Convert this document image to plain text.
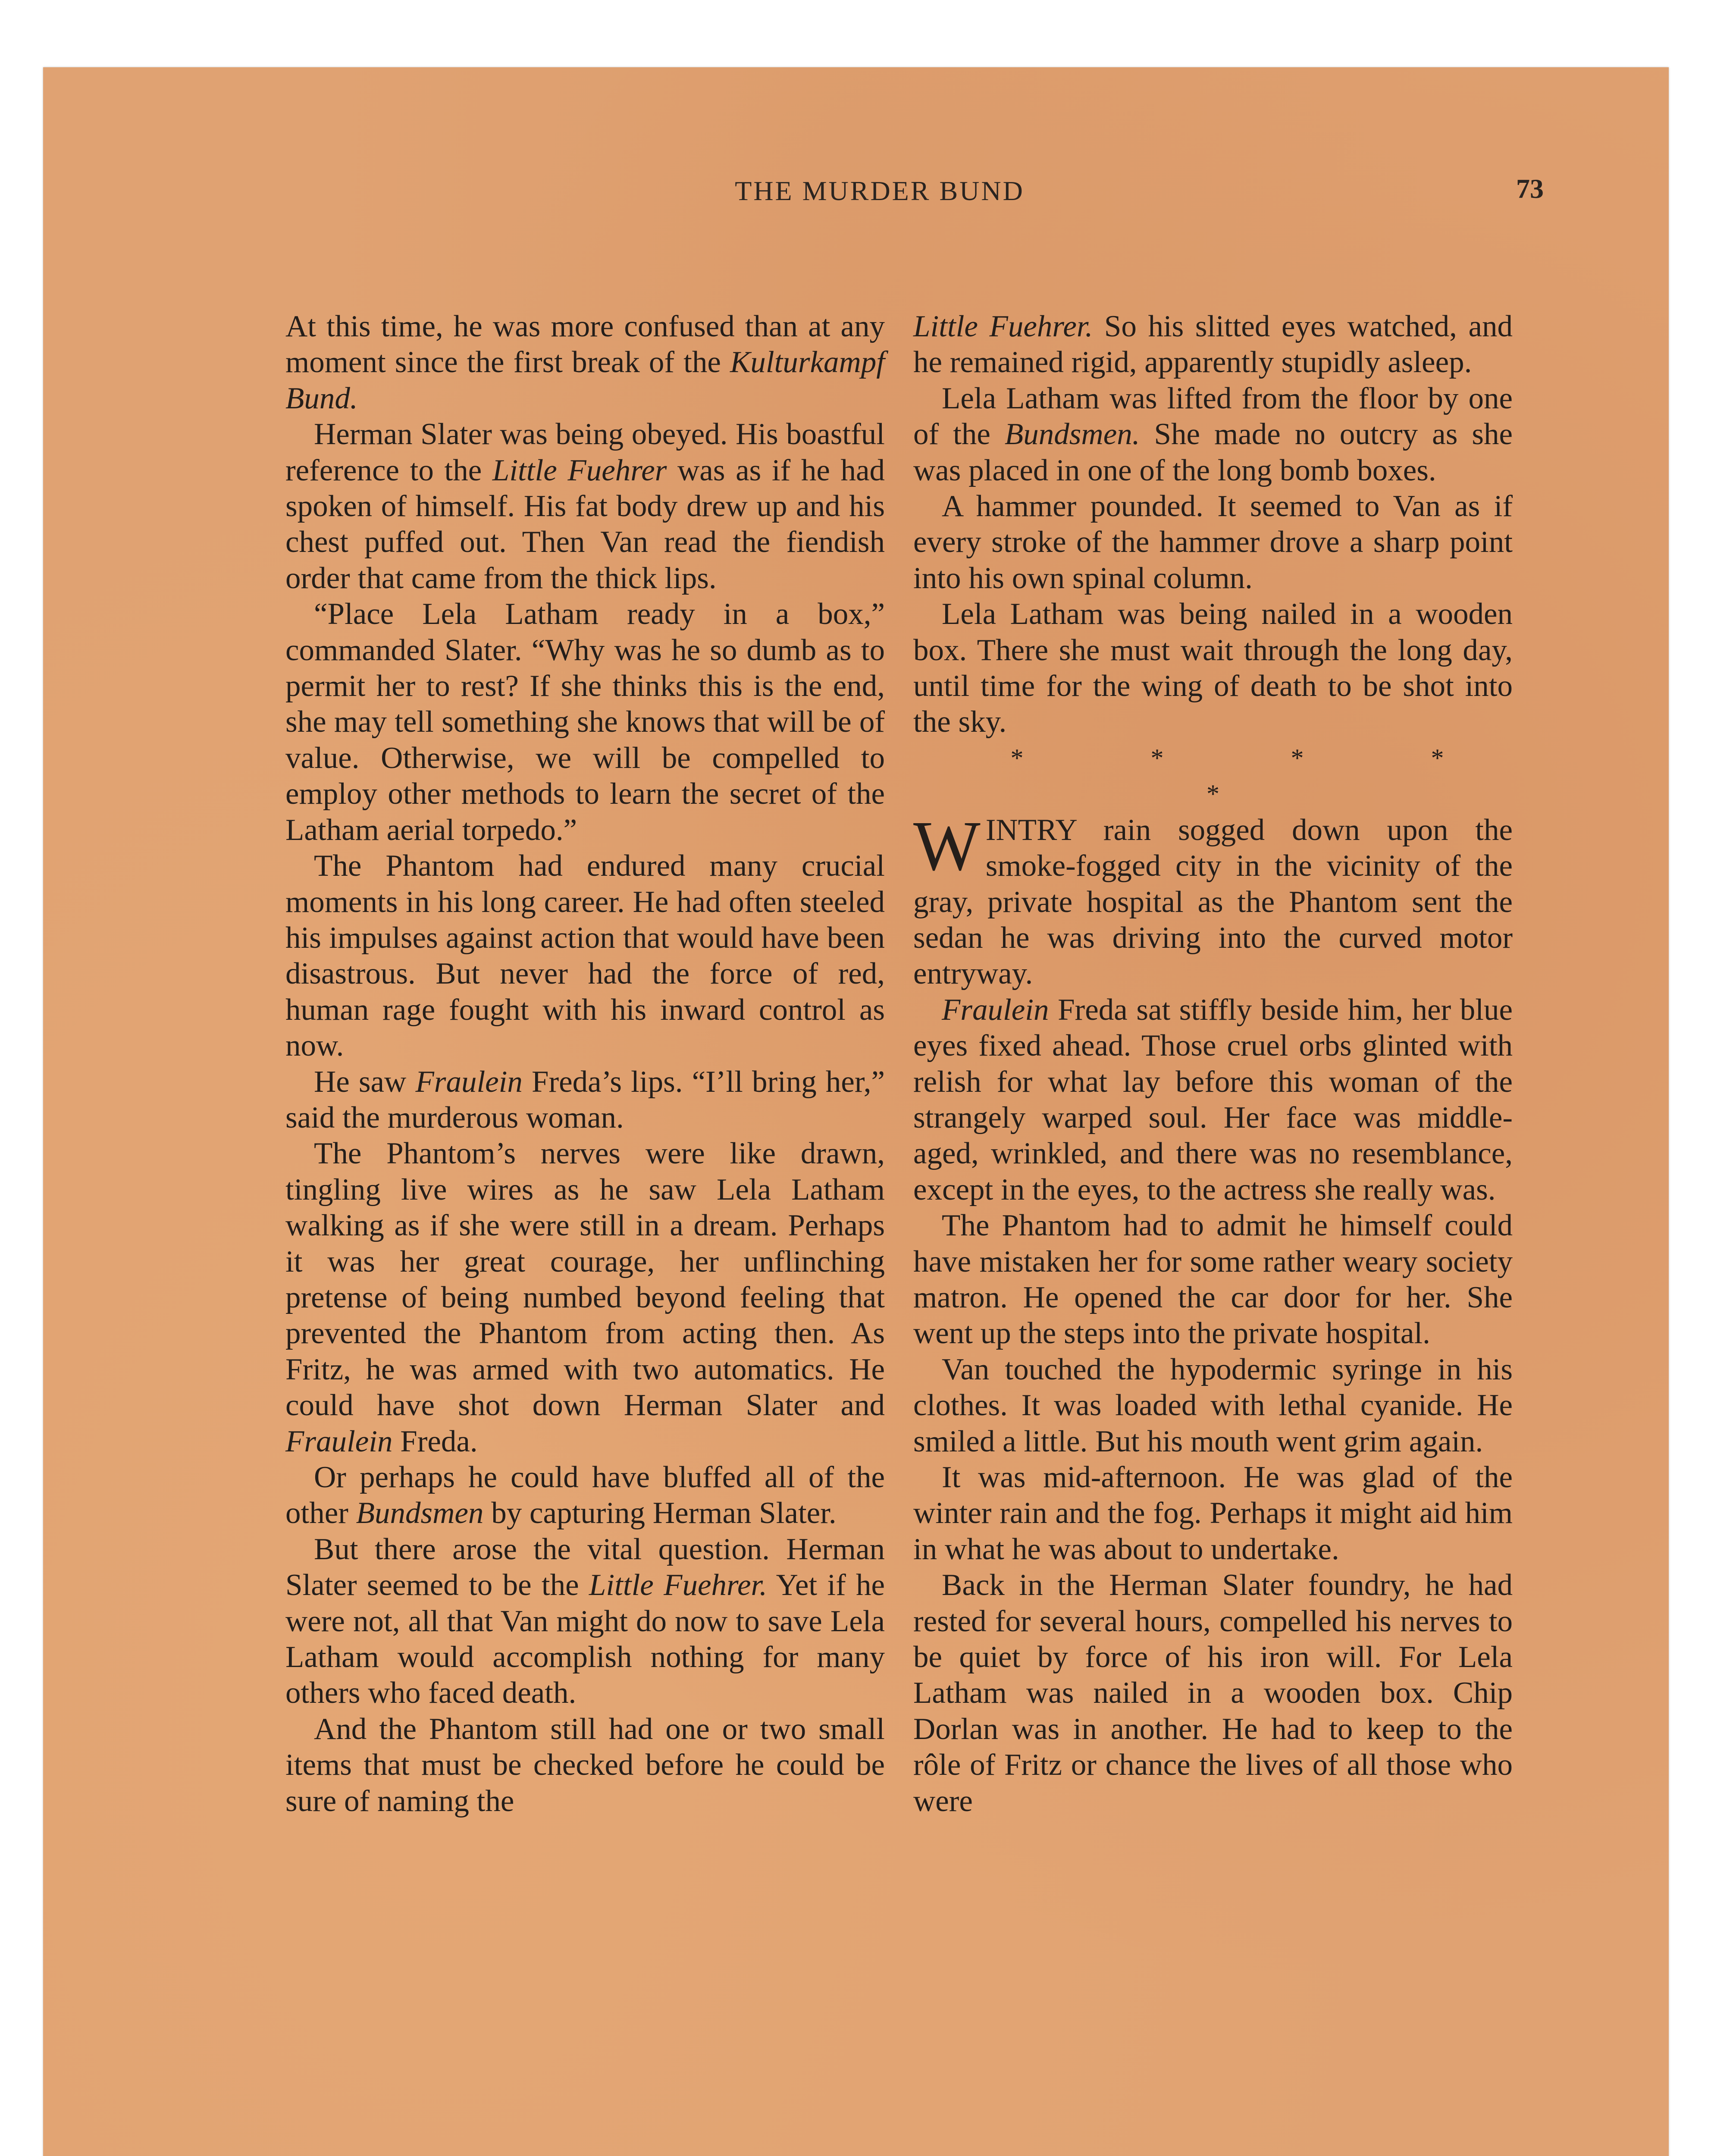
THE MURDER BUND	73

At this time, he was more confused than at any moment since the first break of the Kulturkampf Bund.

Herman Slater was being obeyed. His boastful reference to the Little Fuehrer was as if he had spoken of himself. His fat body drew up and his chest puffed out. Then Van read the fiendish order that came from the thick lips.

“Place Lela Latham ready in a box,” commanded Slater. “Why was he so dumb as to permit her to rest? If she thinks this is the end, she may tell something she knows that will be of value. Otherwise, we will be compelled to employ other methods to learn the secret of the Latham aerial torpedo.”

The Phantom had endured many crucial moments in his long career. He had often steeled his impulses against action that would have been disastrous. But never had the force of red, human rage fought with his inward control as now.

He saw Fraulein Freda’s lips. “I’ll bring her,” said the murderous woman.

The Phantom’s nerves were like drawn, tingling live wires as he saw Lela Latham walking as if she were still in a dream. Perhaps it was her great courage, her unflinching pretense of being numbed beyond feeling that prevented the Phantom from acting then. As Fritz, he was armed with two automatics. He could have shot down Herman Slater and Fraulein Freda.

Or perhaps he could have bluffed all of the other Bundsmen by capturing Herman Slater.

But there arose the vital question. Herman Slater seemed to be the Little Fuehrer. Yet if he were not, all that Van might do now to save Lela Latham would accomplish nothing for many others who faced death.

And the Phantom still had one or two small items that must be checked before he could be sure of naming the

Little Fuehrer. So his slitted eyes watched, and he remained rigid, apparently stupidly asleep.

Lela Latham was lifted from the floor by one of the Bundsmen. She made no outcry as she was placed in one of the long bomb boxes.

A hammer pounded. It seemed to Van as if every stroke of the hammer drove a sharp point into his own spinal column.

Lela Latham was being nailed in a wooden box. There she must wait through the long day, until time for the wing of death to be shot into the sky.

* * * * *

WINTRY rain sogged down upon the smoke-fogged city in the vicinity of the gray, private hospital as the Phantom sent the sedan he was driving into the curved motor entryway.

Fraulein Freda sat stiffly beside him, her blue eyes fixed ahead. Those cruel orbs glinted with relish for what lay before this woman of the strangely warped soul. Her face was middle-aged, wrinkled, and there was no resemblance, except in the eyes, to the actress she really was.

The Phantom had to admit he himself could have mistaken her for some rather weary society matron. He opened the car door for her. She went up the steps into the private hospital.

Van touched the hypodermic syringe in his clothes. It was loaded with lethal cyanide. He smiled a little. But his mouth went grim again.

It was mid-afternoon. He was glad of the winter rain and the fog. Perhaps it might aid him in what he was about to undertake.

Back in the Herman Slater foundry, he had rested for several hours, compelled his nerves to be quiet by force of his iron will. For Lela Latham was nailed in a wooden box. Chip Dorlan was in another. He had to keep to the rôle of Fritz or chance the lives of all those who were
